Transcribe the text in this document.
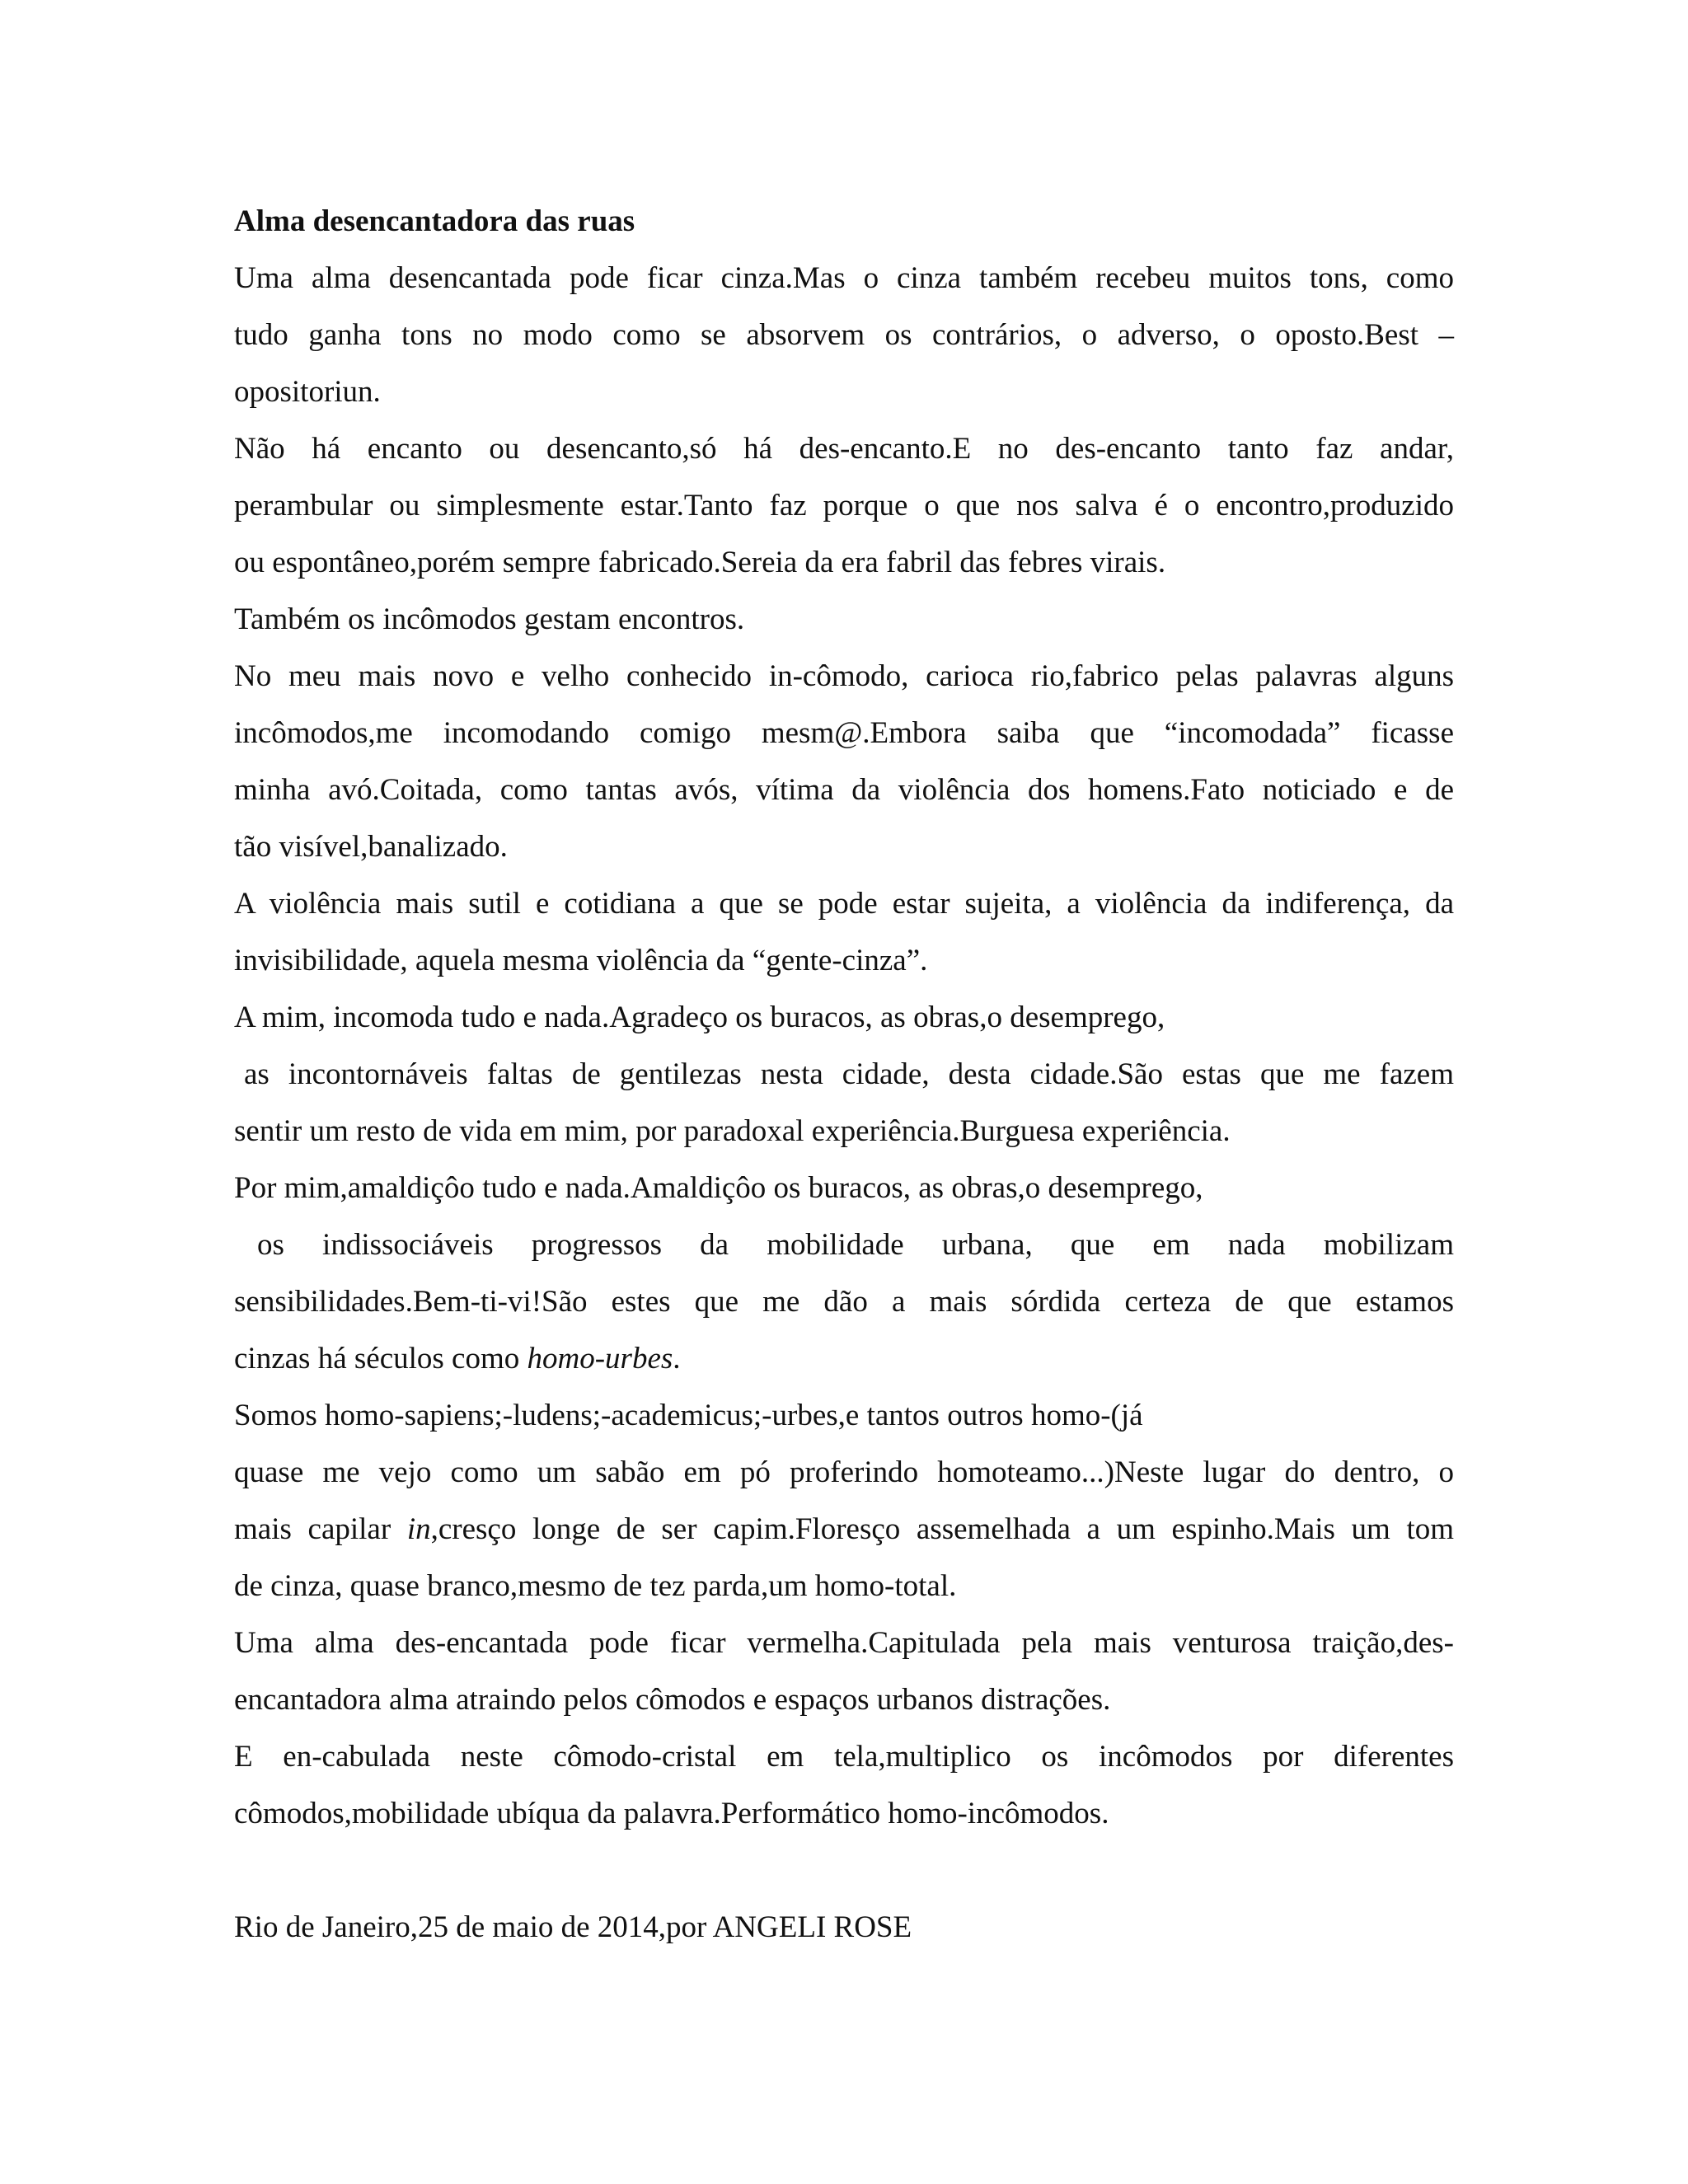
Alma desencantadora das ruas
Uma alma desencantada pode ficar cinza.Mas o cinza também recebeu muitos tons, como
tudo ganha tons no modo como se absorvem os contrários, o adverso, o oposto.Best –
opositoriun.
Não há encanto ou desencanto,só há des-encanto.E no des-encanto tanto faz andar,
perambular ou simplesmente estar.Tanto faz porque o que nos salva é o encontro,produzido
ou espontâneo,porém sempre fabricado.Sereia da era fabril das febres virais.
Também os incômodos gestam encontros.
No meu mais novo e velho conhecido in-cômodo, carioca rio,fabrico pelas palavras alguns
incômodos,me incomodando comigo mesm@.Embora saiba que “incomodada” ficasse
minha avó.Coitada, como tantas avós, vítima da violência dos homens.Fato noticiado e de
tão visível,banalizado.
A violência mais sutil e cotidiana a que se pode estar sujeita, a violência da indiferença, da
invisibilidade, aquela mesma violência da “gente-cinza”.
A mim, incomoda tudo e nada.Agradeço os buracos, as obras,o desemprego,
as incontornáveis faltas de gentilezas nesta cidade, desta cidade.São estas que me fazem
sentir um resto de vida em mim, por paradoxal experiência.Burguesa experiência.
Por mim,amaldiçôo tudo e nada.Amaldiçôo os buracos, as obras,o desemprego,
os indissociáveis progressos da mobilidade urbana, que em nada mobilizam
sensibilidades.Bem-ti-vi!São estes que me dão a mais sórdida certeza de que estamos
cinzas há séculos como homo-urbes.
Somos homo-sapiens;-ludens;-academicus;-urbes,e tantos outros homo-(já
quase me vejo como um sabão em pó proferindo homoteamo...)Neste lugar do dentro, o
mais capilar in,cresço longe de ser capim.Floresço assemelhada a um espinho.Mais um tom
de cinza, quase branco,mesmo de tez parda,um homo-total.
Uma alma des-encantada pode ficar vermelha.Capitulada pela mais venturosa traição,des-
encantadora alma atraindo pelos cômodos e espaços urbanos distrações.
E en-cabulada neste cômodo-cristal em tela,multiplico os incômodos por diferentes
cômodos,mobilidade ubíqua da palavra.Performático homo-incômodos.
Rio de Janeiro,25 de maio de 2014,por ANGELI ROSE
